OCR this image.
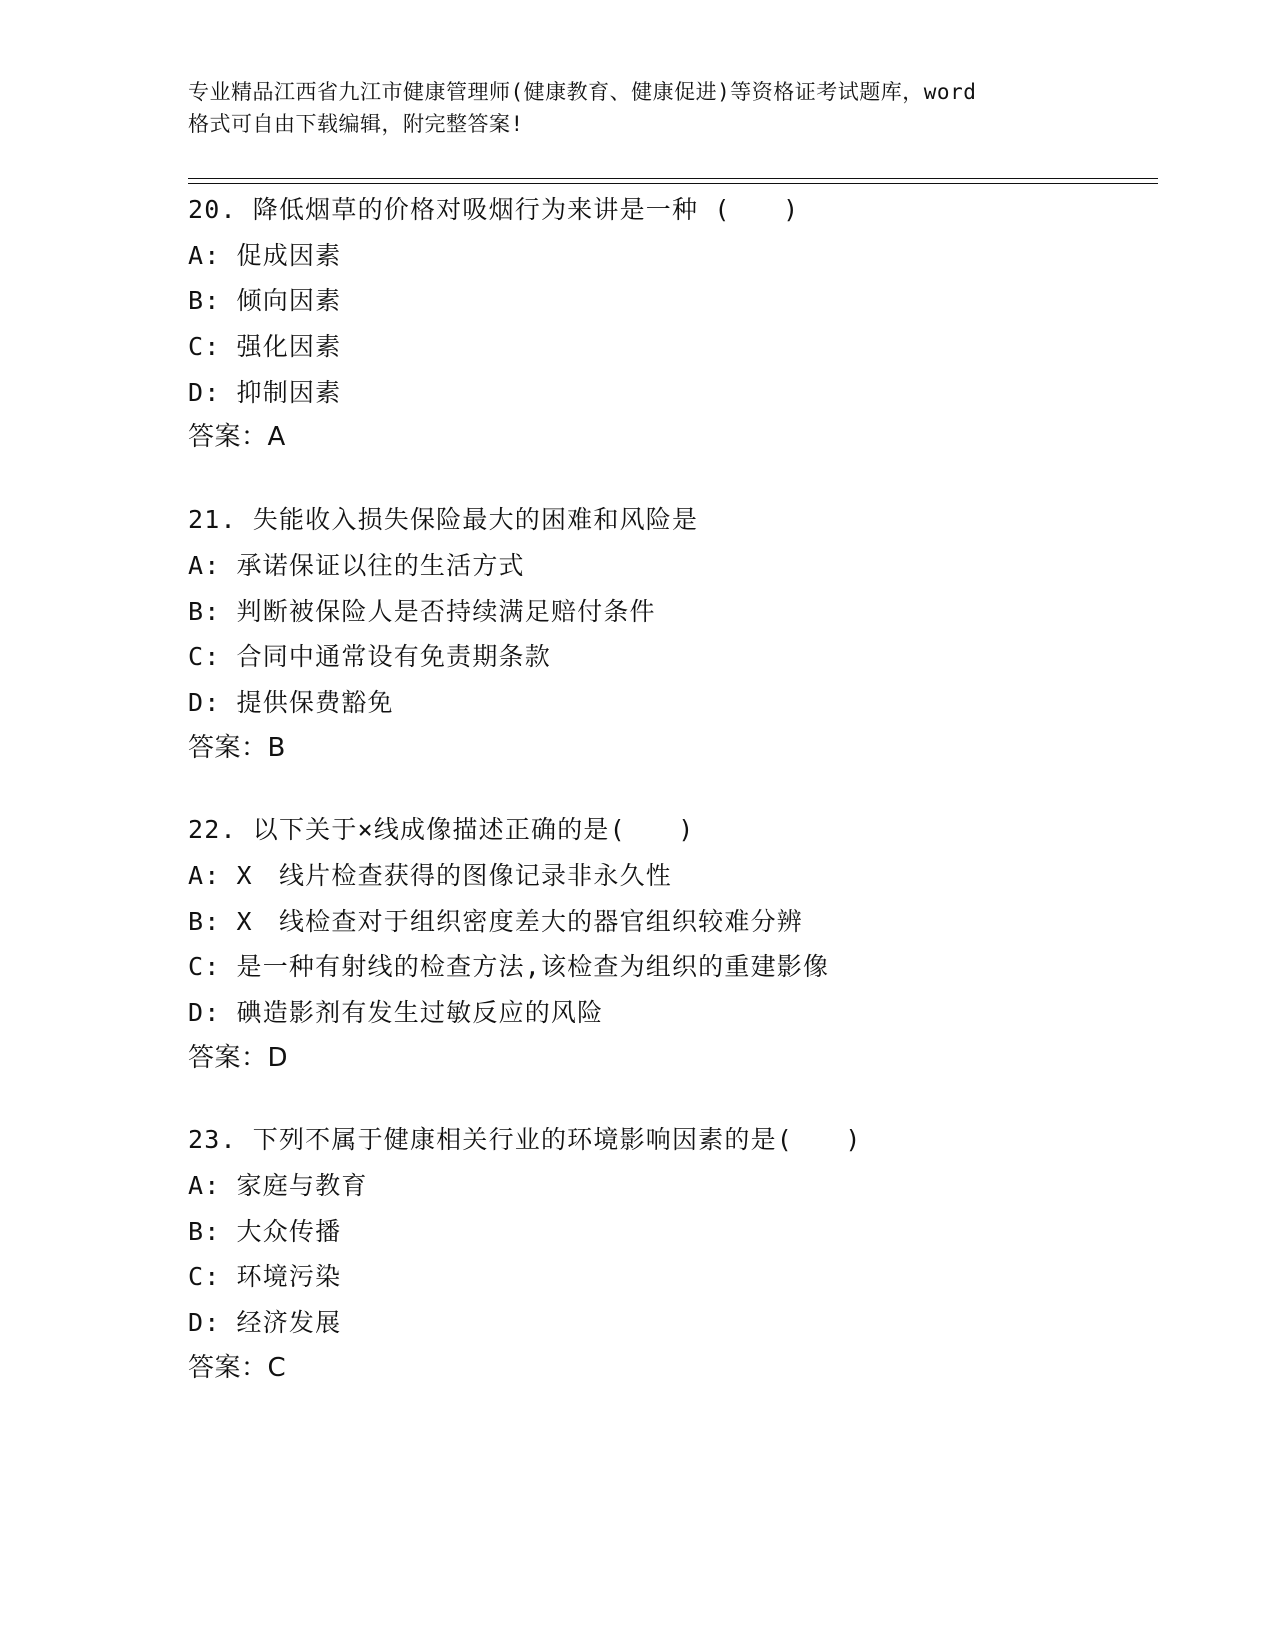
专业精品江西省九江市健康管理师(健康教育、健康促进)等资格证考试题库，word
格式可自由下载编辑，附完整答案!
20. 降低烟草的价格对吸烟行为来讲是一种 (　　)
A: 促成因素
B: 倾向因素
C: 强化因素
D: 抑制因素
答案：A
21. 失能收入损失保险最大的困难和风险是
A: 承诺保证以往的生活方式
B: 判断被保险人是否持续满足赔付条件
C: 合同中通常设有免责期条款
D: 提供保费豁免
答案：B
22. 以下关于×线成像描述正确的是(　　)
A: X　线片检查获得的图像记录非永久性
B: X　线检查对于组织密度差大的器官组织较难分辨
C: 是一种有射线的检查方法,该检查为组织的重建影像
D: 碘造影剂有发生过敏反应的风险
答案：D
23. 下列不属于健康相关行业的环境影响因素的是(　　)
A: 家庭与教育
B: 大众传播
C: 环境污染
D: 经济发展
答案：C
